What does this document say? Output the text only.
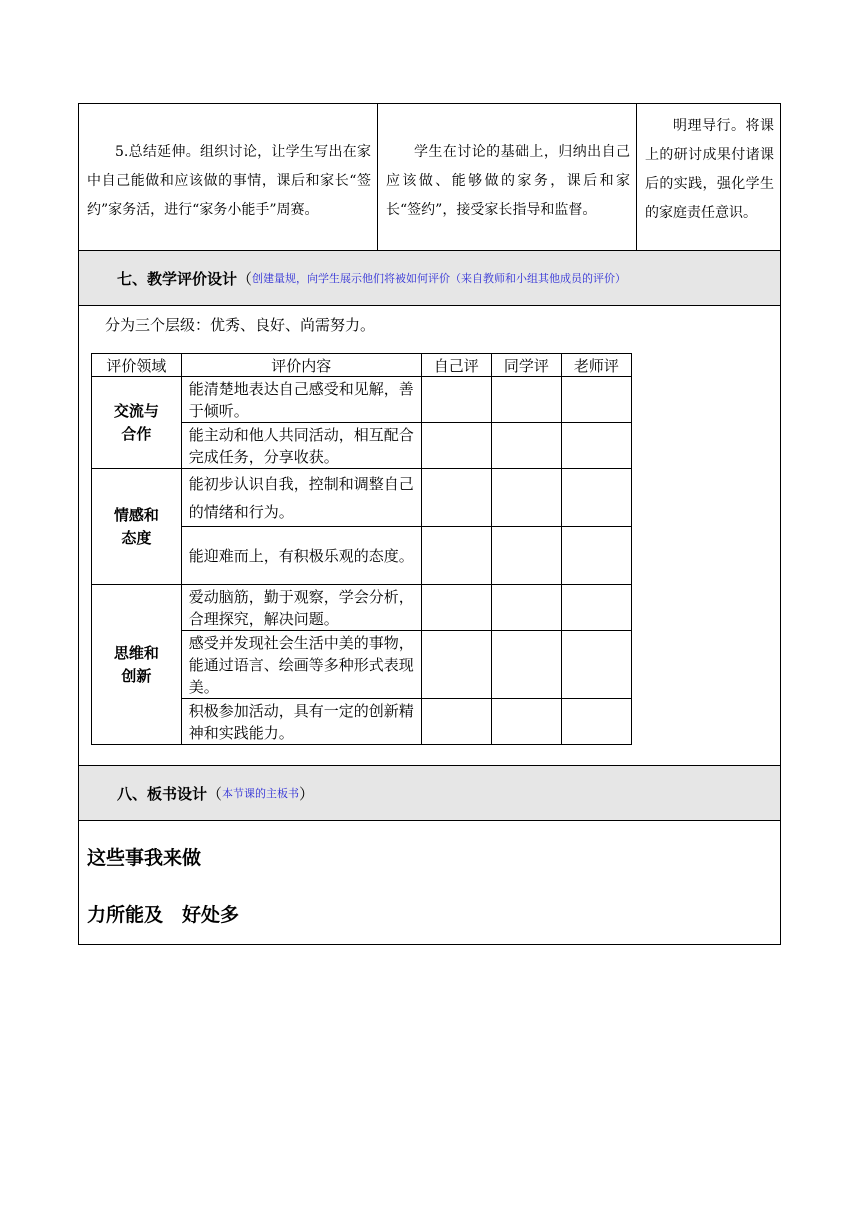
5.总结延伸。组织讨论，让学生写出在家中自己能做和应该做的事情，课后和家长“签约”家务活，进行“家务小能手”周赛。

学生在讨论的基础上，归纳出自己应该做、能够做的家务，课后和家长“签约”，接受家长指导和监督。

明理导行。将课上的研讨成果付诸课后的实践，强化学生的家庭责任意识。

七、教学评价设计 （ 创建量规，向学生展示他们将被如何评价（来自教师和小组其他成员的评价）

分为三个层级：优秀、良好、尚需努力。

评价领域	评价内容	自己评	同学评	老师评

交流与合作	能清楚地表达自己感受和见解，善于倾听。			
	能主动和他人共同活动，相互配合完成任务，分享收获。			

情感和态度	能初步认识自我，控制和调整自己的情绪和行为。			
	能迎难而上，有积极乐观的态度。			

思维和创新	爱动脑筋，勤于观察，学会分析，合理探究，解决问题。			
	感受并发现社会生活中美的事物，能通过语言、绘画等多种形式表现美。			
	积极参加活动，具有一定的创新精神和实践能力。			
八、板书设计 （ 本节课的主板书 ）

这些事我来做

力所能及　好处多
